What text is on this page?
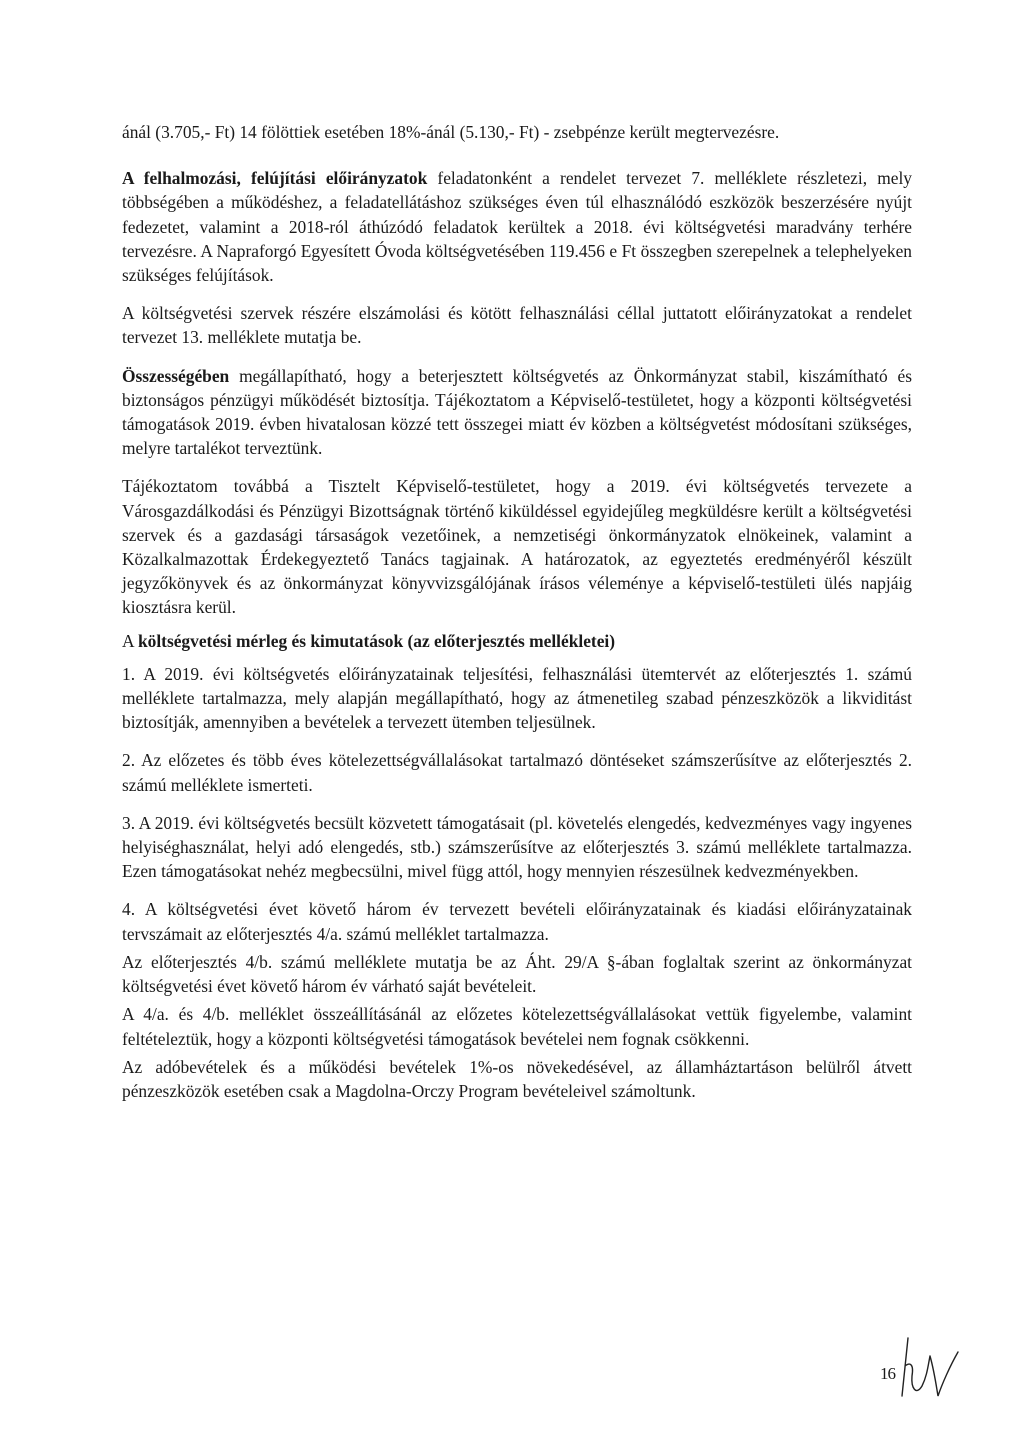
ánál (3.705,- Ft) 14 fölöttiek esetében 18%-ánál (5.130,- Ft) - zsebpénze került megtervezésre.

A felhalmozási, felújítási előirányzatok feladatonként a rendelet tervezet 7. melléklete részletezi, mely többségében a működéshez, a feladatellátáshoz szükséges éven túl elhasználódó eszközök beszerzésére nyújt fedezetet, valamint a 2018-ról áthúzódó feladatok kerültek a 2018. évi költségvetési maradvány terhére tervezésre. A Napraforgó Egyesített Óvoda költségvetésében 119.456 e Ft összegben szerepelnek a telephelyeken szükséges felújítások.

A költségvetési szervek részére elszámolási és kötött felhasználási céllal juttatott előirányzatokat a rendelet tervezet 13. melléklete mutatja be.

Összességében megállapítható, hogy a beterjesztett költségvetés az Önkormányzat stabil, kiszámítható és biztonságos pénzügyi működését biztosítja. Tájékoztatom a Képviselő-testületet, hogy a központi költségvetési támogatások 2019. évben hivatalosan közzé tett összegei miatt év közben a költségvetést módosítani szükséges, melyre tartalékot terveztünk.

Tájékoztatom továbbá a Tisztelt Képviselő-testületet, hogy a 2019. évi költségvetés tervezete a Városgazdálkodási és Pénzügyi Bizottságnak történő kiküldéssel egyidejűleg megküldésre került a költségvetési szervek és a gazdasági társaságok vezetőinek, a nemzetiségi önkormányzatok elnökeinek, valamint a Közalkalmazottak Érdekegyeztető Tanács tagjainak. A határozatok, az egyeztetés eredményéről készült jegyzőkönyvek és az önkormányzat könyvvizsgálójának írásos véleménye a képviselő-testületi ülés napjáig kiosztásra kerül.

A költségvetési mérleg és kimutatások (az előterjesztés mellékletei)

1. A 2019. évi költségvetés előirányzatainak teljesítési, felhasználási ütemtervét az előterjesztés 1. számú melléklete tartalmazza, mely alapján megállapítható, hogy az átmenetileg szabad pénzeszközök a likviditást biztosítják, amennyiben a bevételek a tervezett ütemben teljesülnek.

2. Az előzetes és több éves kötelezettségvállalásokat tartalmazó döntéseket számszerűsítve az előterjesztés 2. számú melléklete ismerteti.

3. A 2019. évi költségvetés becsült közvetett támogatásait (pl. követelés elengedés, kedvezményes vagy ingyenes helyiséghasználat, helyi adó elengedés, stb.) számszerűsítve az előterjesztés 3. számú melléklete tartalmazza. Ezen támogatásokat nehéz megbecsülni, mivel függ attól, hogy mennyien részesülnek kedvezményekben.

4. A költségvetési évet követő három év tervezett bevételi előirányzatainak és kiadási előirányzatainak tervszámait az előterjesztés 4/a. számú melléklet tartalmazza.

Az előterjesztés 4/b. számú melléklete mutatja be az Áht. 29/A §-ában foglaltak szerint az önkormányzat költségvetési évet követő három év várható saját bevételeit.

A 4/a. és 4/b. melléklet összeállításánál az előzetes kötelezettségvállalásokat vettük figyelembe, valamint feltételeztük, hogy a központi költségvetési támogatások bevételei nem fognak csökkenni.

Az adóbevételek és a működési bevételek 1%-os növekedésével, az államháztartáson belülről átvett pénzeszközök esetében csak a Magdolna-Orczy Program bevételeivel számoltunk.

16
